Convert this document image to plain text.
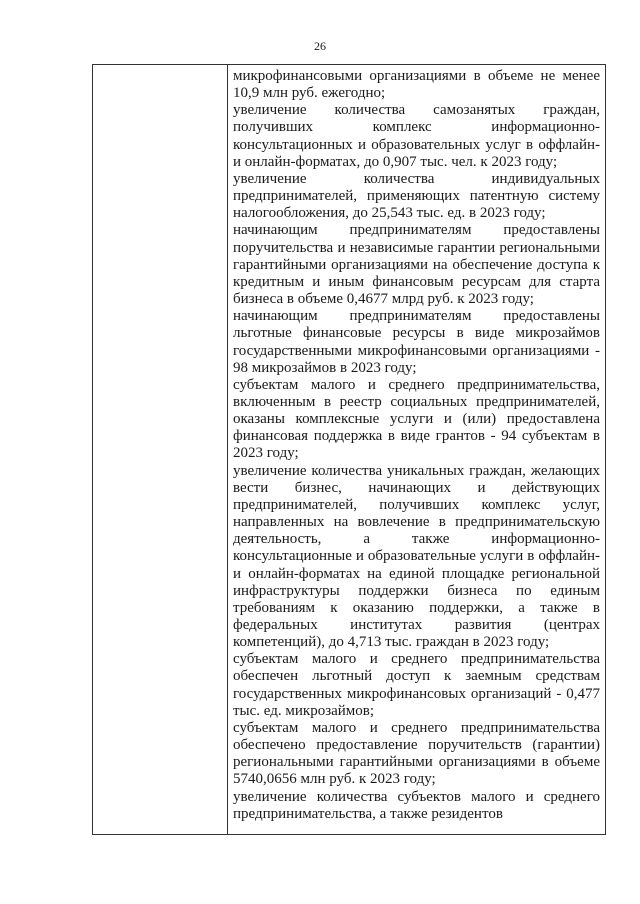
26

микрофинансовыми организациями в объеме не менее 10,9 млн руб. ежегодно;

увеличение количества самозанятых граждан, получивших комплекс информационно-консультационных и образовательных услуг в оффлайн- и онлайн-форматах, до 0,907 тыс. чел. к 2023 году;

увеличение количества индивидуальных предпринимателей, применяющих патентную систему налогообложения, до 25,543 тыс. ед. в 2023 году;

начинающим предпринимателям предоставлены поручительства и независимые гарантии региональными гарантийными организациями на обеспечение доступа к кредитным и иным финансовым ресурсам для старта бизнеса в объеме 0,4677 млрд руб. к 2023 году;

начинающим предпринимателям предоставлены льготные финансовые ресурсы в виде микрозаймов государственными микрофинансовыми организациями - 98 микрозаймов в 2023 году;

субъектам малого и среднего предпринимательства, включенным в реестр социальных предпринимателей, оказаны комплексные услуги и (или) предоставлена финансовая поддержка в виде грантов - 94 субъектам в 2023 году;

увеличение количества уникальных граждан, желающих вести бизнес, начинающих и действующих предпринимателей, получивших комплекс услуг, направленных на вовлечение в предпринимательскую деятельность, а также информационно-консультационные и образовательные услуги в оффлайн- и онлайн-форматах на единой площадке региональной инфраструктуры поддержки бизнеса по единым требованиям к оказанию поддержки, а также в федеральных институтах развития (центрах компетенций), до 4,713 тыс. граждан в 2023 году;

субъектам малого и среднего предпринимательства обеспечен льготный доступ к заемным средствам государственных микрофинансовых организаций - 0,477 тыс. ед. микрозаймов;

субъектам малого и среднего предпринимательства обеспечено предоставление поручительств (гарантии) региональными гарантийными организациями в объеме 5740,0656 млн руб. к 2023 году;

увеличение количества субъектов малого и среднего предпринимательства, а также резидентов
